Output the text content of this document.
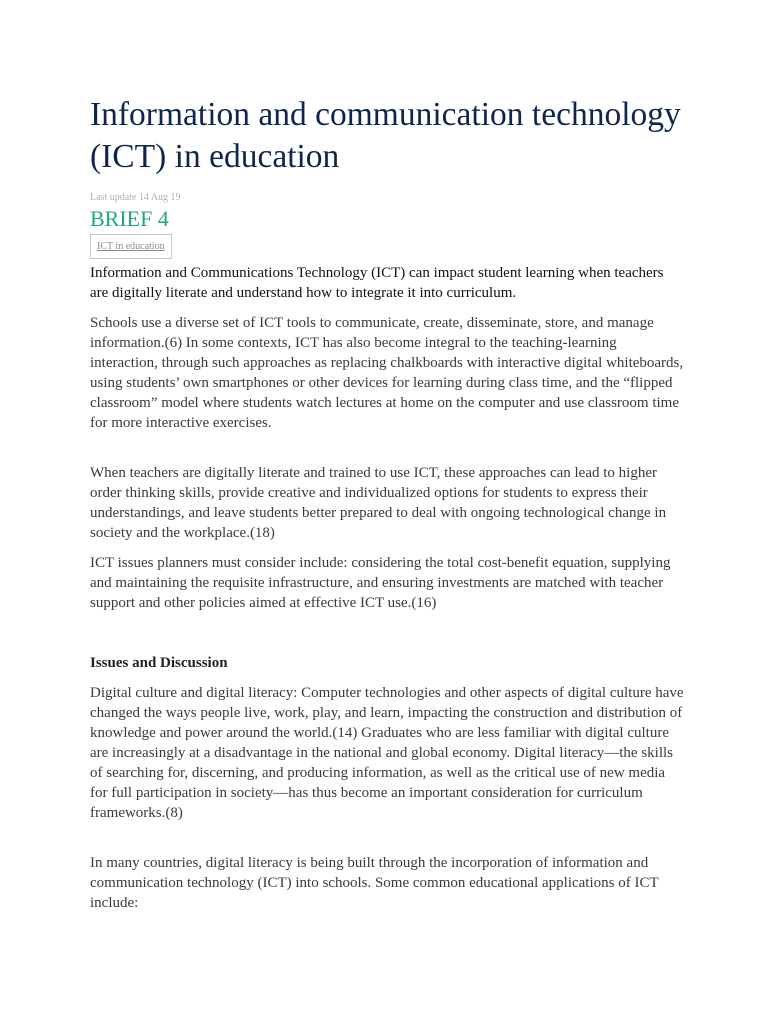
Information and communication technology (ICT) in education
Last update 14 Aug 19
BRIEF 4
ICT in education

Information and Communications Technology (ICT) can impact student learning when teachers are digitally literate and understand how to integrate it into curriculum.

Schools use a diverse set of ICT tools to communicate, create, disseminate, store, and manage information.(6) In some contexts, ICT has also become integral to the teaching-learning interaction, through such approaches as replacing chalkboards with interactive digital whiteboards, using students’ own smartphones or other devices for learning during class time, and the “flipped classroom” model where students watch lectures at home on the computer and use classroom time for more interactive exercises.

When teachers are digitally literate and trained to use ICT, these approaches can lead to higher order thinking skills, provide creative and individualized options for students to express their understandings, and leave students better prepared to deal with ongoing technological change in society and the workplace.(18)

ICT issues planners must consider include: considering the total cost-benefit equation, supplying and maintaining the requisite infrastructure, and ensuring investments are matched with teacher support and other policies aimed at effective ICT use.(16)

Issues and Discussion

Digital culture and digital literacy: Computer technologies and other aspects of digital culture have changed the ways people live, work, play, and learn, impacting the construction and distribution of knowledge and power around the world.(14) Graduates who are less familiar with digital culture are increasingly at a disadvantage in the national and global economy. Digital literacy—the skills of searching for, discerning, and producing information, as well as the critical use of new media for full participation in society—has thus become an important consideration for curriculum frameworks.(8)

In many countries, digital literacy is being built through the incorporation of information and communication technology (ICT) into schools. Some common educational applications of ICT include:
